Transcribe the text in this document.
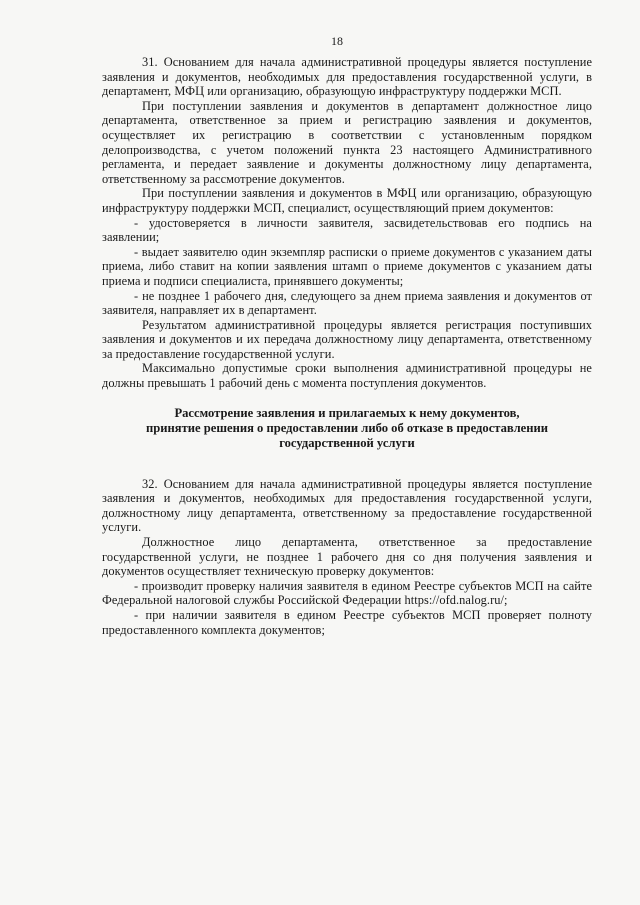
18

31. Основанием для начала административной процедуры является поступление заявления и документов, необходимых для предоставления государственной услуги, в департамент, МФЦ или организацию, образующую инфраструктуру поддержки МСП.

При поступлении заявления и документов в департамент должностное лицо департамента, ответственное за прием и регистрацию заявления и документов, осуществляет их регистрацию в соответствии с установленным порядком делопроизводства, с учетом положений пункта 23 настоящего Административного регламента, и передает заявление и документы должностному лицу департамента, ответственному за рассмотрение документов.

При поступлении заявления и документов в МФЦ или организацию, образующую инфраструктуру поддержки МСП, специалист, осуществляющий прием документов:

- удостоверяется в личности заявителя, засвидетельствовав его подпись на заявлении;

- выдает заявителю один экземпляр расписки о приеме документов с указанием даты приема, либо ставит на копии заявления штамп о приеме документов с указанием даты приема и подписи специалиста, принявшего документы;

- не позднее 1 рабочего дня, следующего за днем приема заявления и документов от заявителя, направляет их в департамент.

Результатом административной процедуры является регистрация поступивших заявления и документов и их передача должностному лицу департамента, ответственному за предоставление государственной услуги.

Максимально допустимые сроки выполнения административной процедуры не должны превышать 1 рабочий день с момента поступления документов.

Рассмотрение заявления и прилагаемых к нему документов,
принятие решения о предоставлении либо об отказе в предоставлении
государственной услуги

32. Основанием для начала административной процедуры является поступление заявления и документов, необходимых для предоставления государственной услуги, должностному лицу департамента, ответственному за предоставление государственной услуги.

Должностное лицо департамента, ответственное за предоставление государственной услуги, не позднее 1 рабочего дня со дня получения заявления и документов осуществляет техническую проверку документов:

- производит проверку наличия заявителя в едином Реестре субъектов МСП на сайте Федеральной налоговой службы Российской Федерации https://ofd.nalog.ru/;

- при наличии заявителя в едином Реестре субъектов МСП проверяет полноту предоставленного комплекта документов;
